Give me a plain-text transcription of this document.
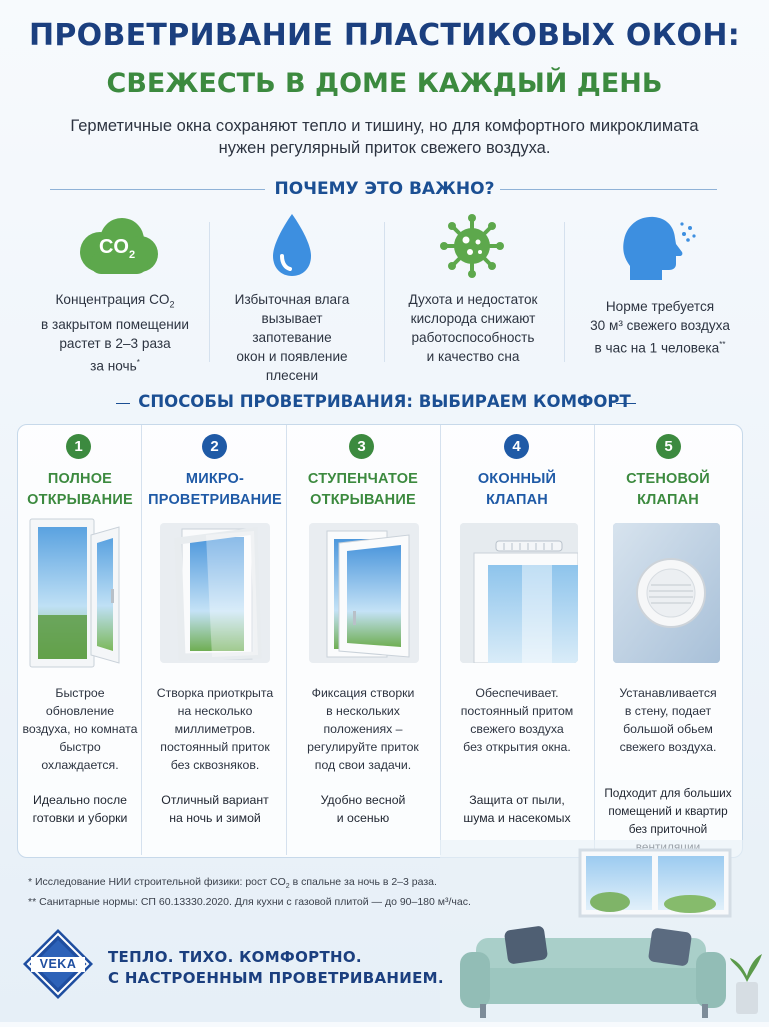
ПРОВЕТРИВАНИЕ ПЛАСТИКОВЫХ ОКОН:
СВЕЖЕСТЬ В ДОМЕ КАЖДЫЙ ДЕНЬ
Герметичные окна сохраняют тепло и тишину, но для комфортного микроклимата
нужен регулярный приток свежего воздуха.
ПОЧЕМУ ЭТО ВАЖНО?
$CO_2$
Концентрация $CO_2$
в закрытом помещении
растет в 2–3 раза
за ночь*
Избыточная влага
вызывает запотевание
окон и появление
плесени
Духота и недостаток
кислорода снижают
работоспособность
и качество сна
Норме требуется
30 м³ свежего воздуха
в час на 1 человека**
СПОСОБЫ ПРОВЕТРИВАНИЯ: ВЫБИРАЕМ КОМФОРТ
1
ПОЛНОЕ
ОТКРЫВАНИЕ
Быстрое обновление
воздуха, но комната
быстро охлаждается.
Идеально после
готовки и уборки
2
МИКРО-
ПРОВЕТРИВАНИЕ
Створка приоткрыта
на несколько
миллиметров.
постоянный приток
без сквозняков.
Отличный вариант
на ночь и зимой
3
СТУПЕНЧАТОЕ
ОТКРЫВАНИЕ
Фиксация створки
в нескольких
положениях –
регулируйте приток
под свои задачи.
Удобно весной
и осенью
4
ОКОННЫЙ
КЛАПАН
Обеспечивает.
постоянный притом
свежего воздуха
без открытия окна.
Защита от пыли,
шума и насекомых
5
СТЕНОВОЙ
КЛАПАН
Устанавливается
в стену, подает
большой обьем
свежего воздуха.
Подходит для больших
помещений и квартир
без приточной
* Исследование НИИ строительной физики: рост $CO_2$ в спальне за ночь в 2–3 раза.
** Санитарные нормы: СП 60.13330.2020. Для кухни с газовой плитой — до 90–180 м³/час.
VEKA	ТЕПЛО. ТИХО. КОМФОРТНО.
С НАСТРОЕННЫМ ПРОВЕТРИВАНИЕМ.
